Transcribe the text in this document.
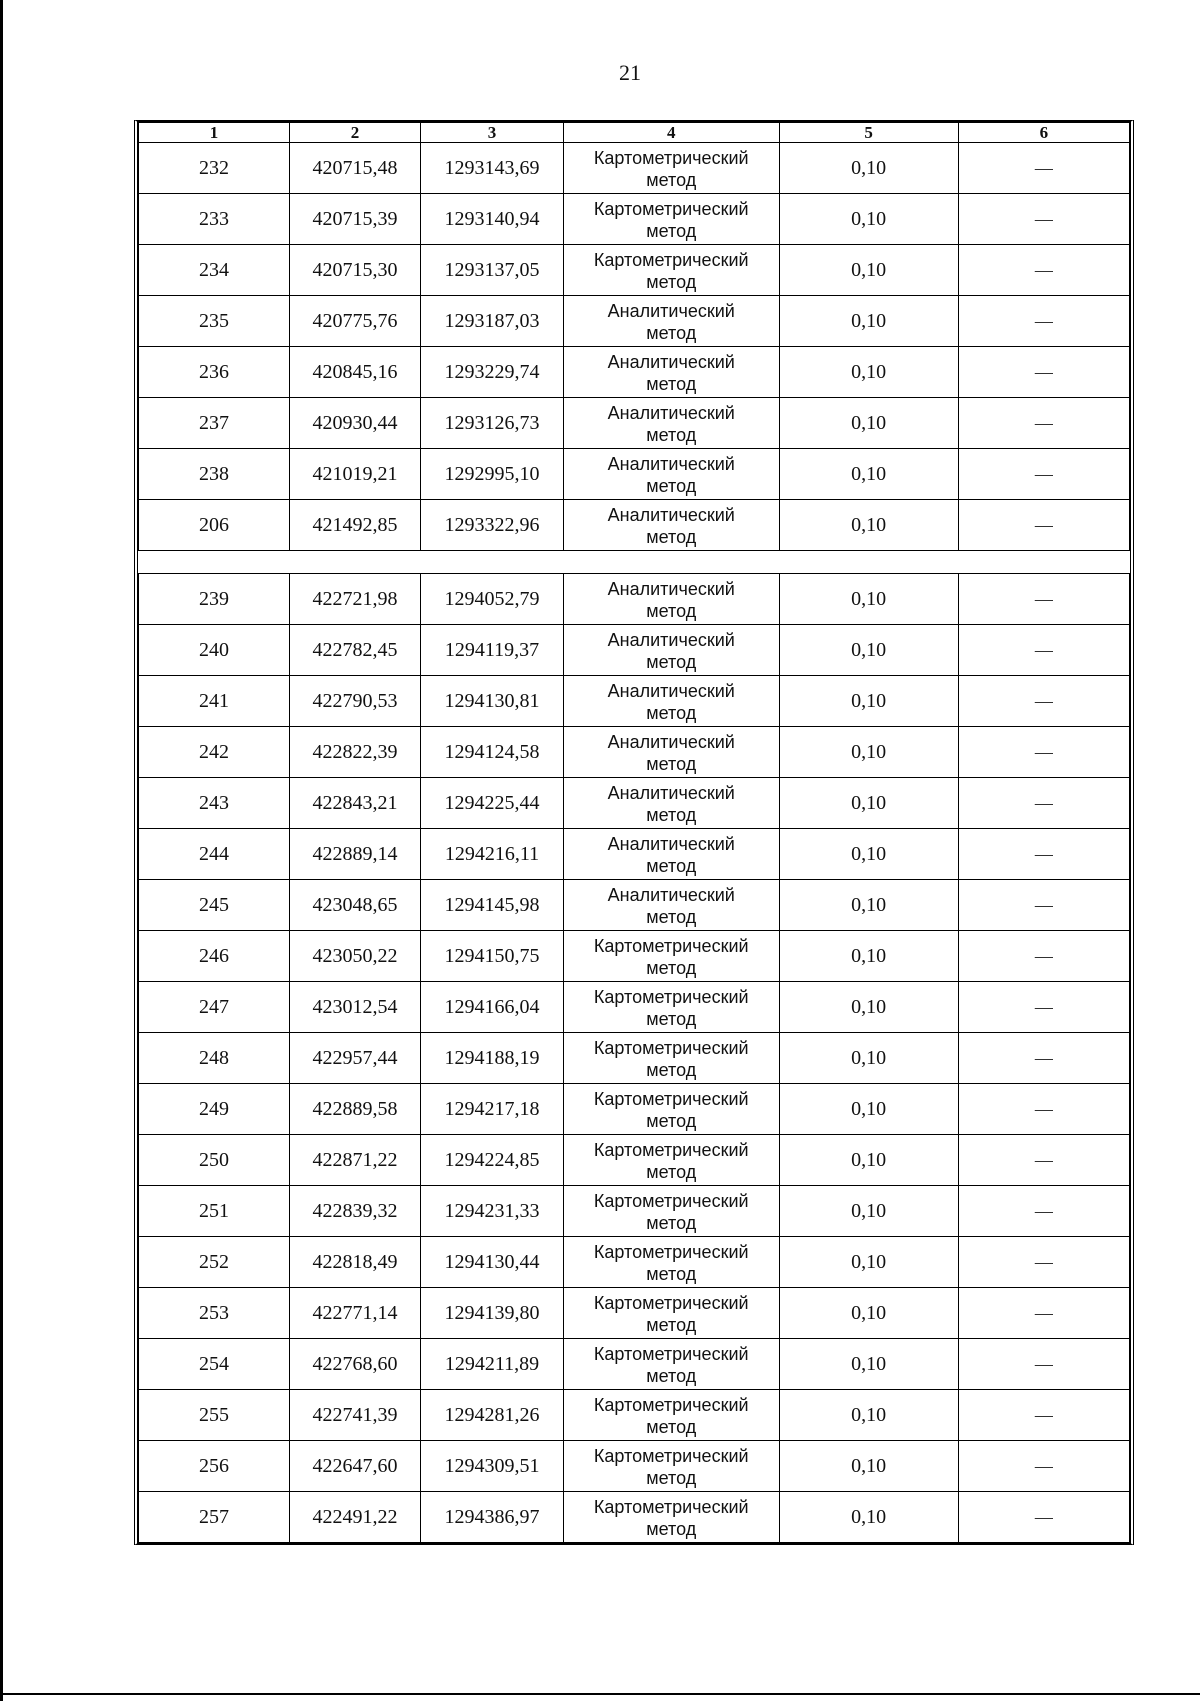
21
1	2	3	4	5	6
232	420715,48	1293143,69	Картометрический
метод	0,10	—
233	420715,39	1293140,94	Картометрический
метод	0,10	—
234	420715,30	1293137,05	Картометрический
метод	0,10	—
235	420775,76	1293187,03	Аналитический
метод	0,10	—
236	420845,16	1293229,74	Аналитический
метод	0,10	—
237	420930,44	1293126,73	Аналитический
метод	0,10	—
238	421019,21	1292995,10	Аналитический
метод	0,10	—
206	421492,85	1293322,96	Аналитический
метод	0,10	—

239	422721,98	1294052,79	Аналитический
метод	0,10	—
240	422782,45	1294119,37	Аналитический
метод	0,10	—
241	422790,53	1294130,81	Аналитический
метод	0,10	—
242	422822,39	1294124,58	Аналитический
метод	0,10	—
243	422843,21	1294225,44	Аналитический
метод	0,10	—
244	422889,14	1294216,11	Аналитический
метод	0,10	—
245	423048,65	1294145,98	Аналитический
метод	0,10	—
246	423050,22	1294150,75	Картометрический
метод	0,10	—
247	423012,54	1294166,04	Картометрический
метод	0,10	—
248	422957,44	1294188,19	Картометрический
метод	0,10	—
249	422889,58	1294217,18	Картометрический
метод	0,10	—
250	422871,22	1294224,85	Картометрический
метод	0,10	—
251	422839,32	1294231,33	Картометрический
метод	0,10	—
252	422818,49	1294130,44	Картометрический
метод	0,10	—
253	422771,14	1294139,80	Картометрический
метод	0,10	—
254	422768,60	1294211,89	Картометрический
метод	0,10	—
255	422741,39	1294281,26	Картометрический
метод	0,10	—
256	422647,60	1294309,51	Картометрический
метод	0,10	—
257	422491,22	1294386,97	Картометрический
метод	0,10	—
